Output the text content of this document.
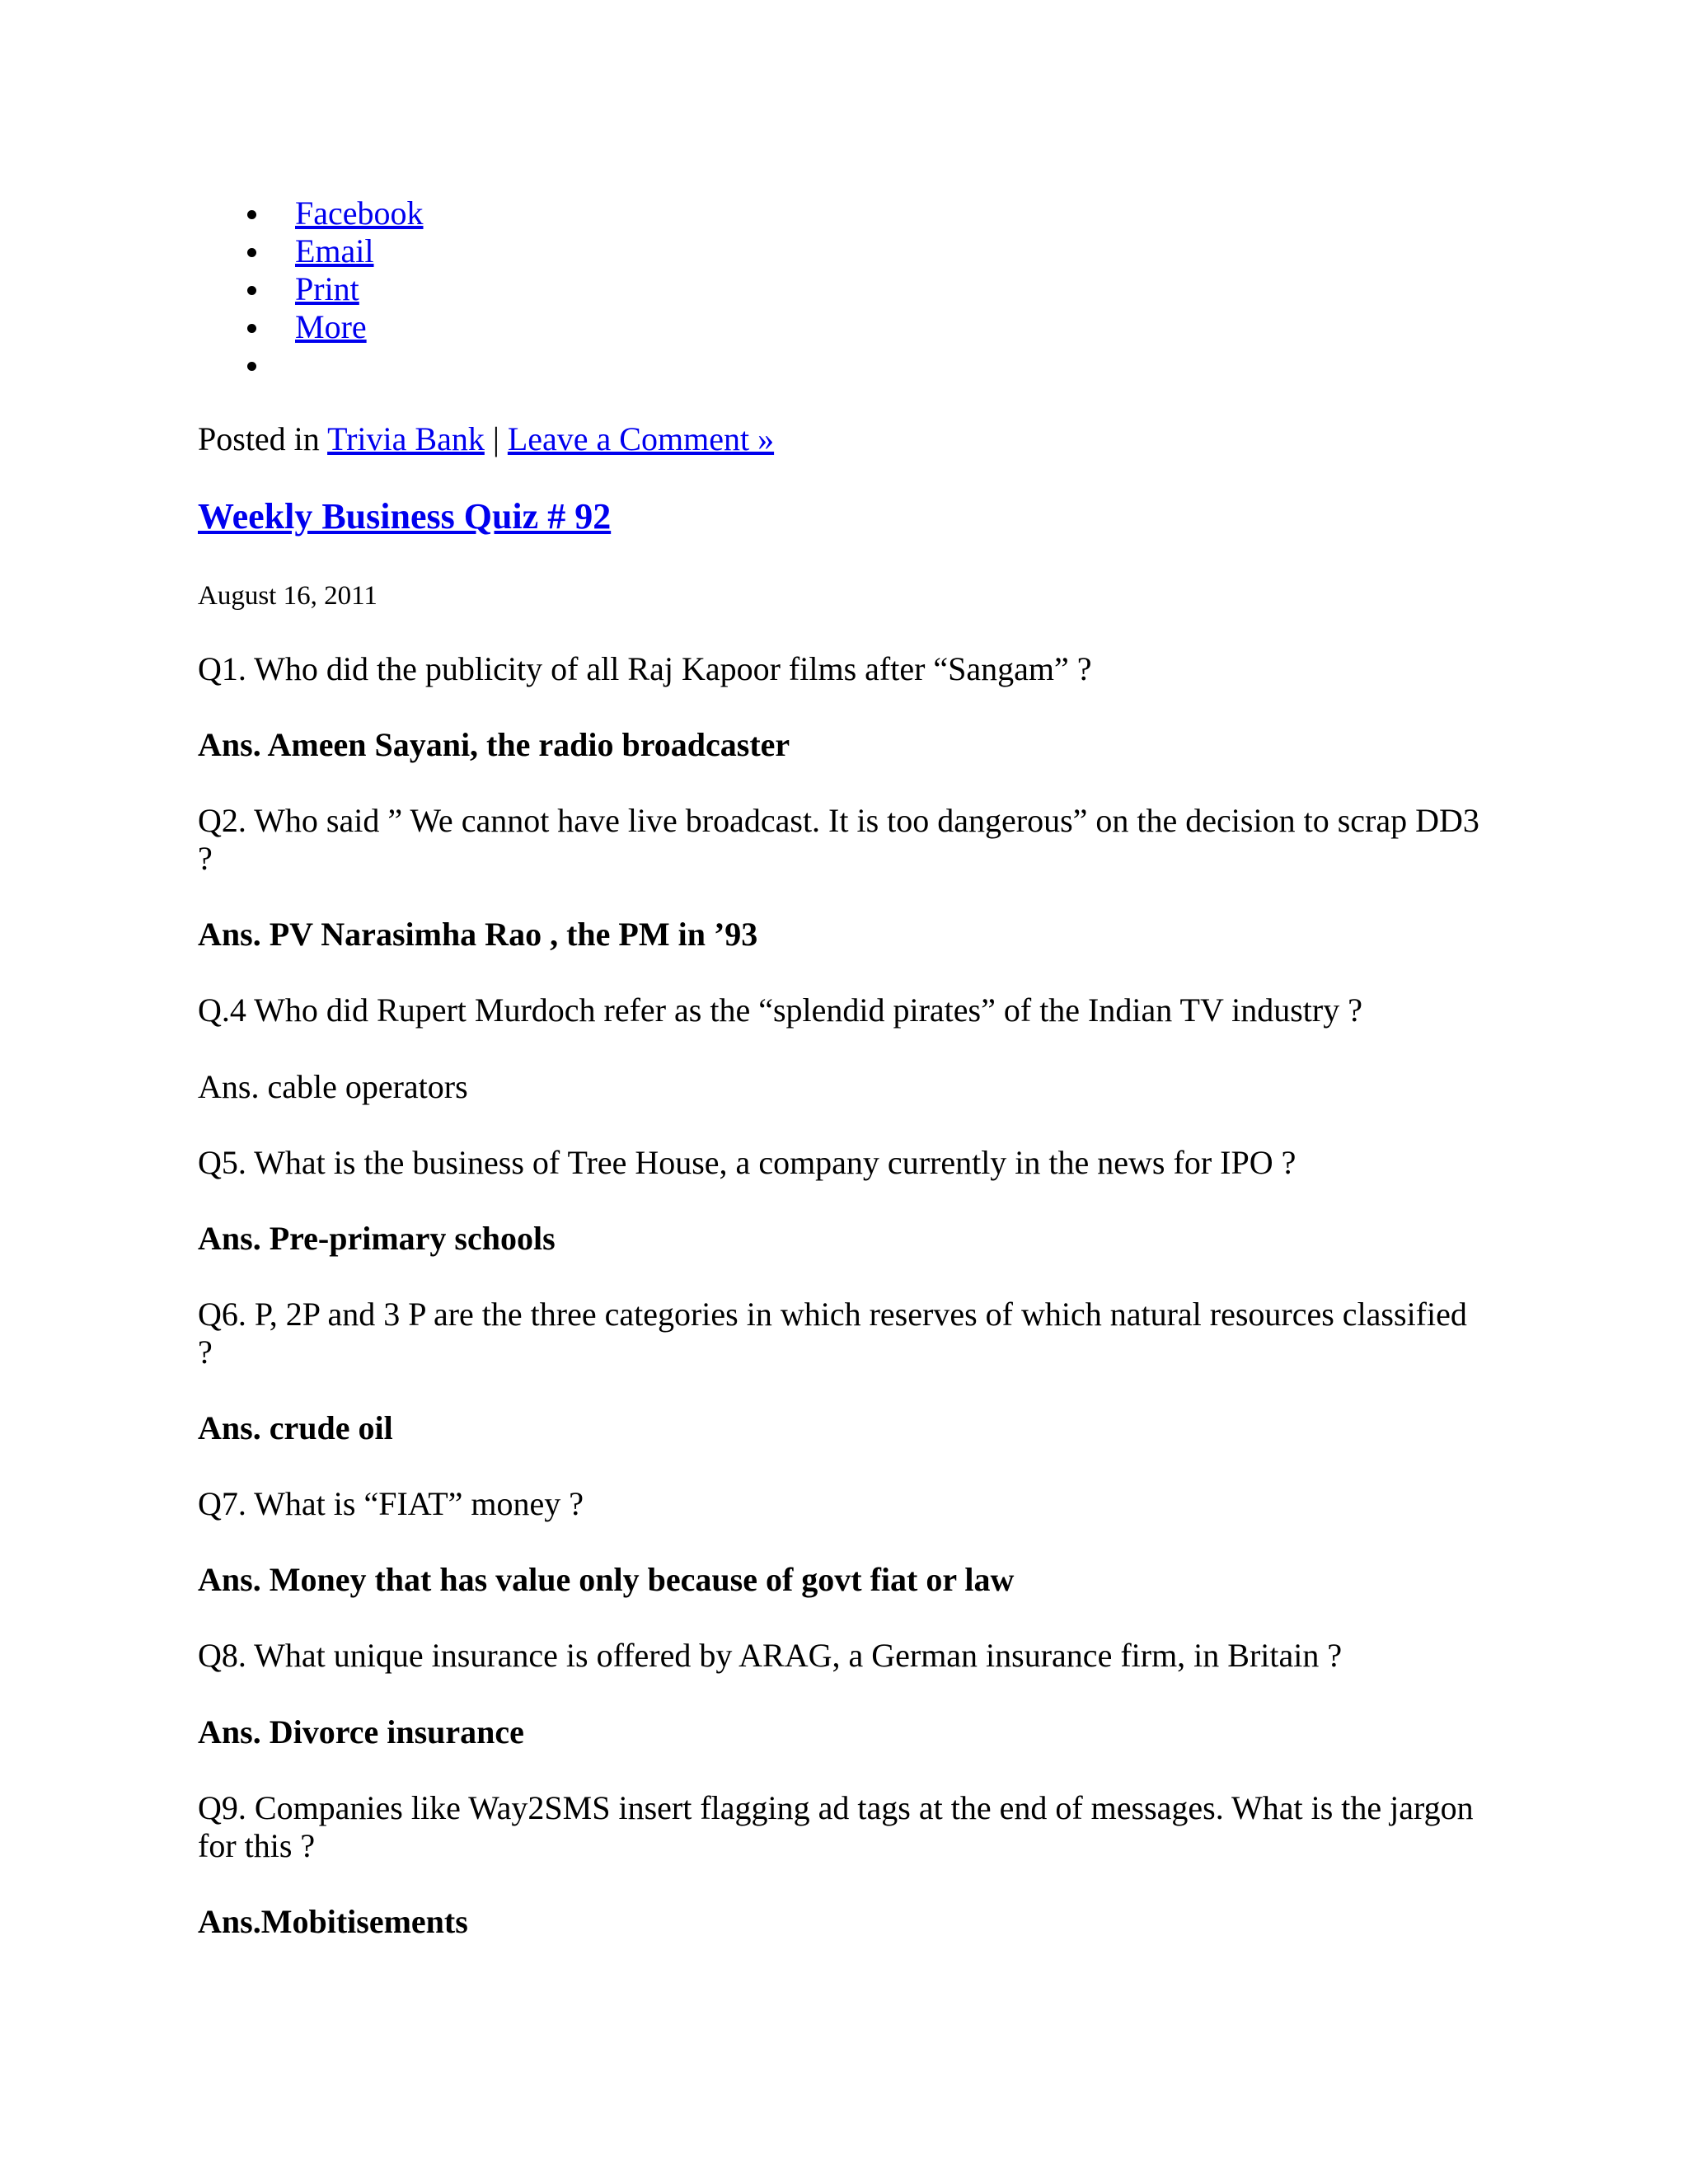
Facebook
Email
Print
More
Posted in Trivia Bank | Leave a Comment »
Weekly Business Quiz # 92
August 16, 2011
Q1. Who did the publicity of all Raj Kapoor films after “Sangam” ?
Ans. Ameen Sayani, the radio broadcaster
Q2. Who said ” We cannot have live broadcast. It is too dangerous” on the decision to scrap DD3 ?
Ans. PV Narasimha Rao , the PM in ’93
Q.4 Who did Rupert Murdoch refer as the “splendid pirates” of the Indian TV industry ?
Ans. cable operators
Q5. What is the business of Tree House, a company currently in the news for IPO ?
Ans. Pre-primary schools
Q6. P, 2P and 3 P are the three categories in which reserves of which natural resources classified ?
Ans. crude oil
Q7. What is “FIAT” money ?
Ans. Money that has value only because of govt fiat or law
Q8. What unique insurance is offered by ARAG, a German insurance firm, in Britain ?
Ans. Divorce insurance
Q9. Companies like Way2SMS insert flagging ad tags at the end of messages. What is the jargon for this ?
Ans.Mobitisements
